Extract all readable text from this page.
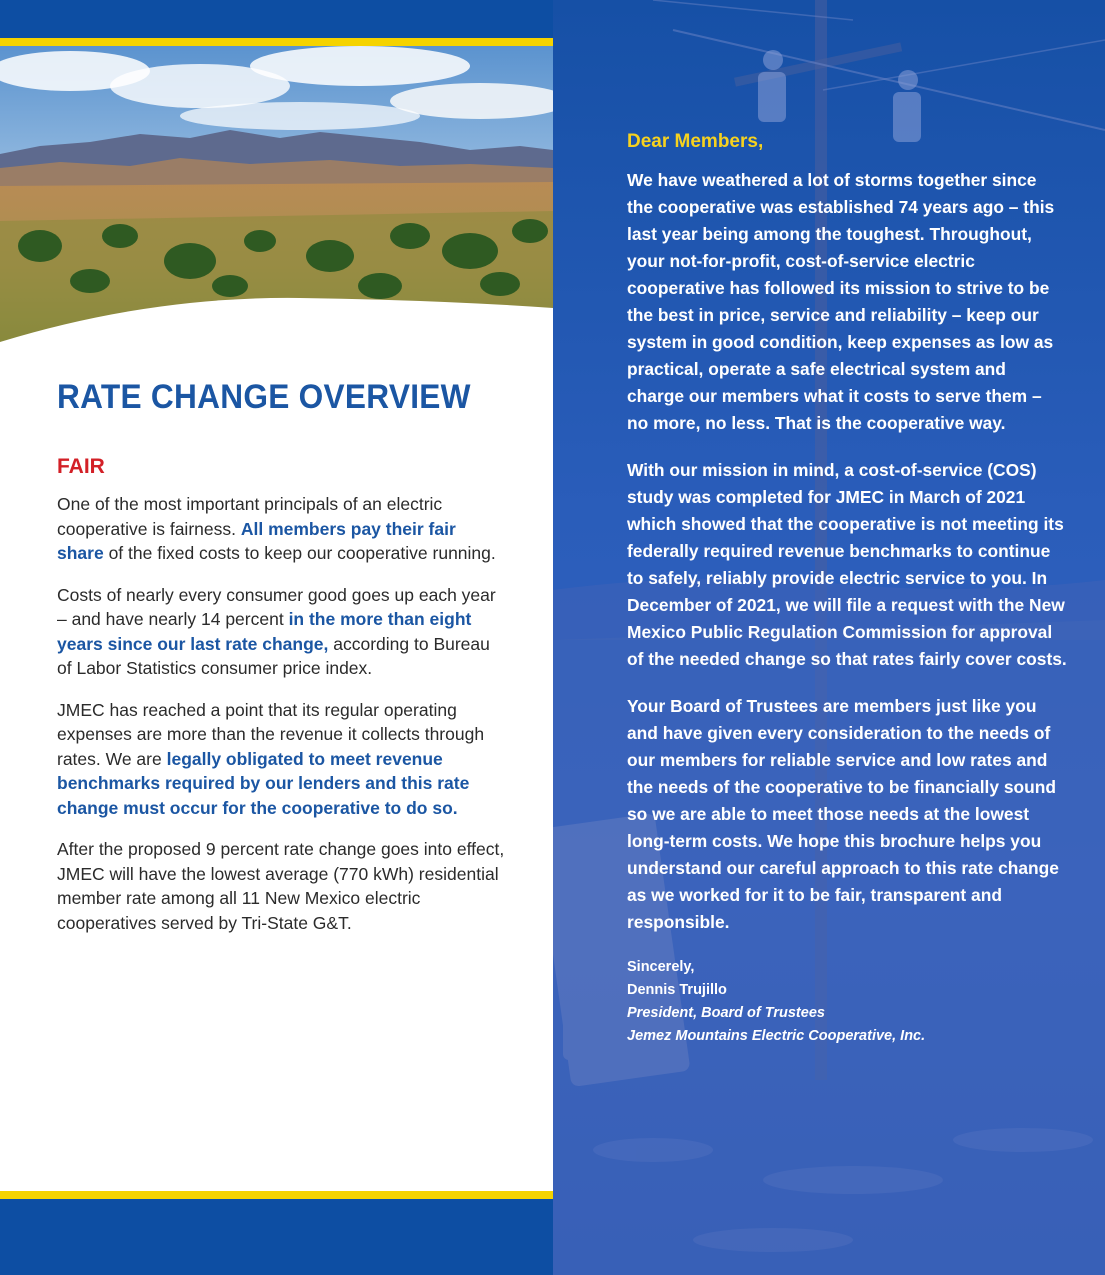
RATE CHANGE OVERVIEW
FAIR

One of the most important principals of an electric cooperative is fairness. All members pay their fair share of the fixed costs to keep our cooperative running.

Costs of nearly every consumer good goes up each year – and have nearly 14 percent in the more than eight years since our last rate change, according to Bureau of Labor Statistics consumer price index.

JMEC has reached a point that its regular operating expenses are more than the revenue it collects through rates. We are legally obligated to meet revenue benchmarks required by our lenders and this rate change must occur for the cooperative to do so.

After the proposed 9 percent rate change goes into effect, JMEC will have the lowest average (770 kWh) residential member rate among all 11 New Mexico electric cooperatives served by Tri-State G&T.

Dear Members,

We have weathered a lot of storms together since the cooperative was established 74 years ago – this last year being among the toughest. Throughout, your not-for-profit, cost-of-service electric cooperative has followed its mission to strive to be the best in price, service and reliability – keep our system in good condition, keep expenses as low as practical, operate a safe electrical system and charge our members what it costs to serve them – no more, no less. That is the cooperative way.

With our mission in mind, a cost-of-service (COS) study was completed for JMEC in March of 2021 which showed that the cooperative is not meeting its federally required revenue benchmarks to continue to safely, reliably provide electric service to you. In December of 2021, we will file a request with the New Mexico Public Regulation Commission for approval of the needed change so that rates fairly cover costs.

Your Board of Trustees are members just like you and have given every consideration to the needs of our members for reliable service and low rates and the needs of the cooperative to be financially sound so we are able to meet those needs at the lowest long-term costs. We hope this brochure helps you understand our careful approach to this rate change as we worked for it to be fair, transparent and responsible.

Sincerely,
Dennis Trujillo
President, Board of Trustees
Jemez Mountains Electric Cooperative, Inc.
